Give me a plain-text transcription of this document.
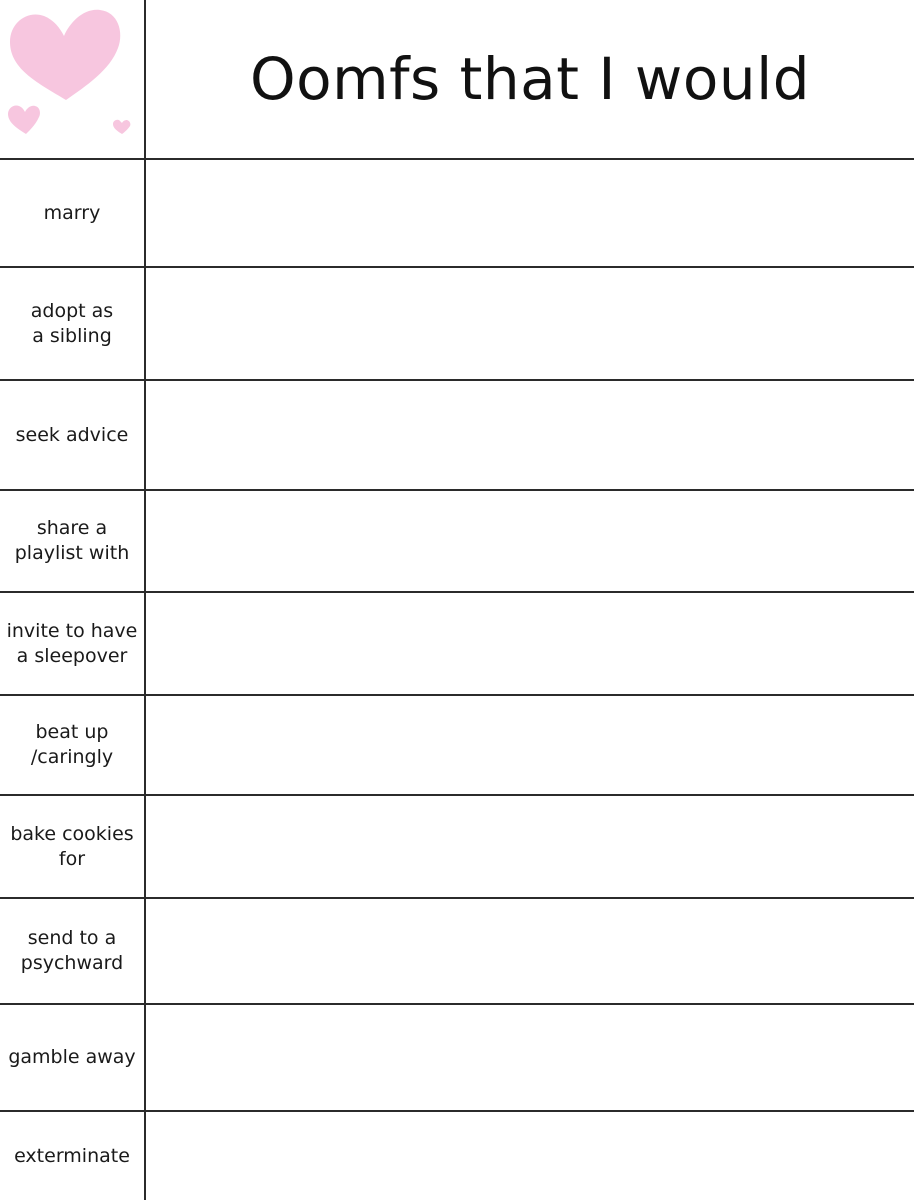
Oomfs that I would
marry
adopt as
a sibling
seek advice
share a
playlist with
invite to have
a sleepover
beat up
/caringly
bake cookies
for
send to a
psychward
gamble away
exterminate
